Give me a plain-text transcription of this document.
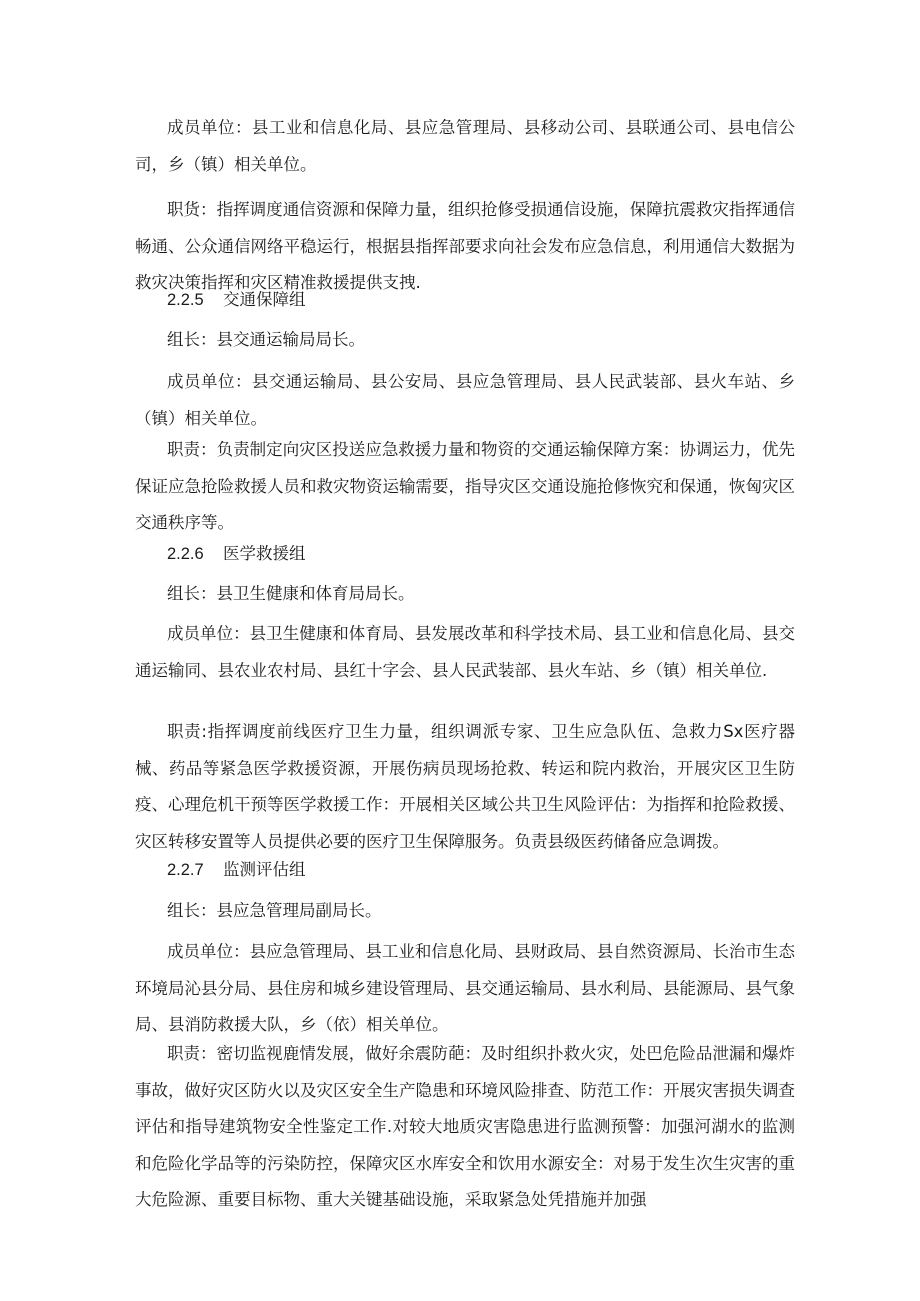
成员单位：县工业和信息化局、县应急管理局、县移动公司、县联通公司、县电信公司，乡（镇）相关单位。

职货：指挥调度通信资源和保障力量，组织抢修受损通信设施，保障抗震救灾指挥通信畅通、公众通信网络平稳运行，根据县指挥部要求向社会发布应急信息，利用通信大数据为救灾决策指挥和灾区精准救援提供支拽.

2.2.5 交通保障组

组长：县交通运输局局长。

成员单位：县交通运输局、县公安局、县应急管理局、县人民武装部、县火车站、乡（镇）相关单位。

职责：负责制定向灾区投送应急救援力量和物资的交通运输保障方案：协调运力，优先保证应急抢险救援人员和救灾物资运输需要，指导灾区交通设施抢修恢究和保通，恢匈灾区交通秩序等。

2.2.6 医学救援组

组长：县卫生健康和体育局局长。

成员单位：县卫生健康和体育局、县发展改革和科学技术局、县工业和信息化局、县交通运输同、县农业农村局、县红十字会、县人民武装部、县火车站、乡（镇）相关单位.

职责:指挥调度前线医疗卫生力量，组织调派专家、卫生应急队伍、急救力Sx医疗器械、药品等紧急医学救援资源，开展伤病员现场抢救、转运和院内救治，开展灾区卫生防疫、心理危机干预等医学救援工作：开展相关区域公共卫生风险评估：为指挥和抢险救援、灾区转移安置等人员提供必要的医疗卫生保障服务。负责县级医药储备应急调拨。

2.2.7 监测评估组

组长：县应急管理局副局长。

成员单位：县应急管理局、县工业和信息化局、县财政局、县自然资源局、长治市生态环境局沁县分局、县住房和城乡建设管理局、县交通运输局、县水利局、县能源局、县气象局、县消防救援大队，乡（依）相关单位。

职责：密切监视鹿情发展，做好余震防葩：及时组织扑救火灾，处巴危险品泄漏和爆炸事故，做好灾区防火以及灾区安全生产隐患和环境风险排查、防范工作：开展灾害损失调查评估和指导建筑物安全性鉴定工作.对较大地质灾害隐患进行监测预警：加强河湖水的监测和危险化学品等的污染防控，保障灾区水库安全和饮用水源安全：对易于发生次生灾害的重大危险源、重要目标物、重大关键基础设施，采取紧急处凭措施并加强
